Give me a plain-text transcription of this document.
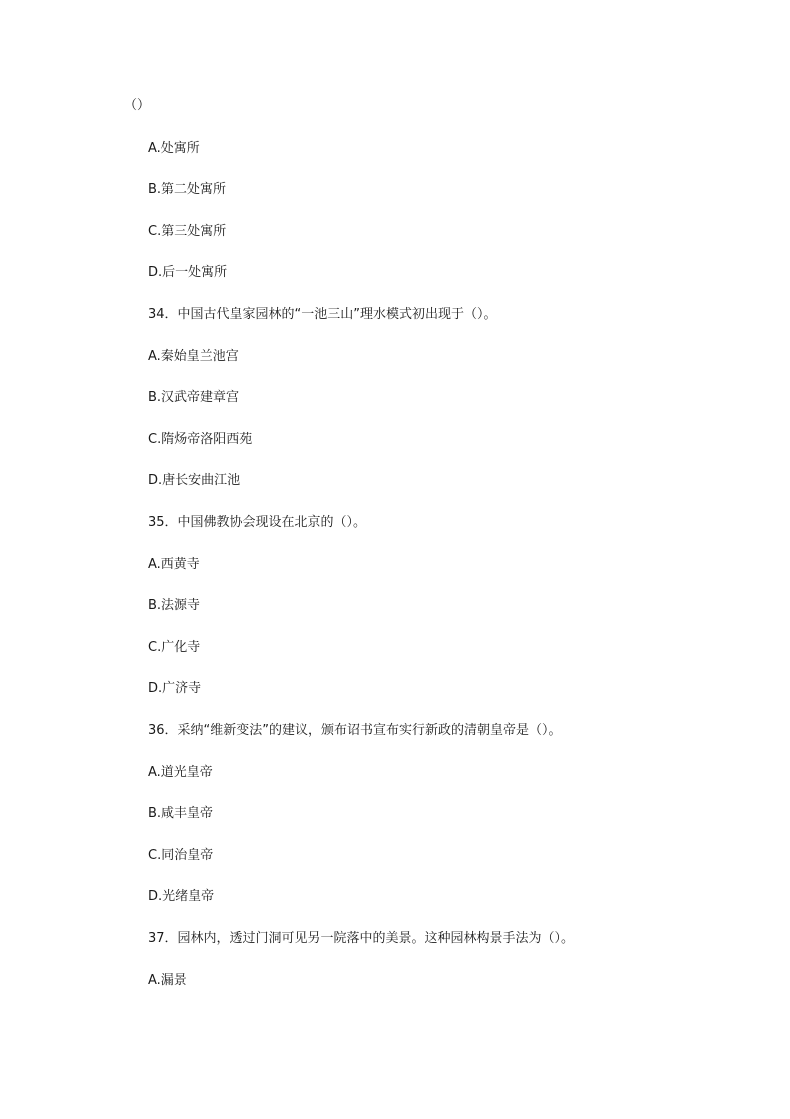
（）
A.处寓所
B.第二处寓所
C.第三处寓所
D.后一处寓所
34．中国古代皇家园林的“一池三山”理水模式初出现于（）。
A.秦始皇兰池宫
B.汉武帝建章宫
C.隋炀帝洛阳西苑
D.唐长安曲江池
35．中国佛教协会现设在北京的（）。
A.西黄寺
B.法源寺
C.广化寺
D.广济寺
36．采纳“维新变法”的建议，颁布诏书宣布实行新政的清朝皇帝是（）。
A.道光皇帝
B.咸丰皇帝
C.同治皇帝
D.光绪皇帝
37．园林内，透过门洞可见另一院落中的美景。这种园林构景手法为（）。
A.漏景
